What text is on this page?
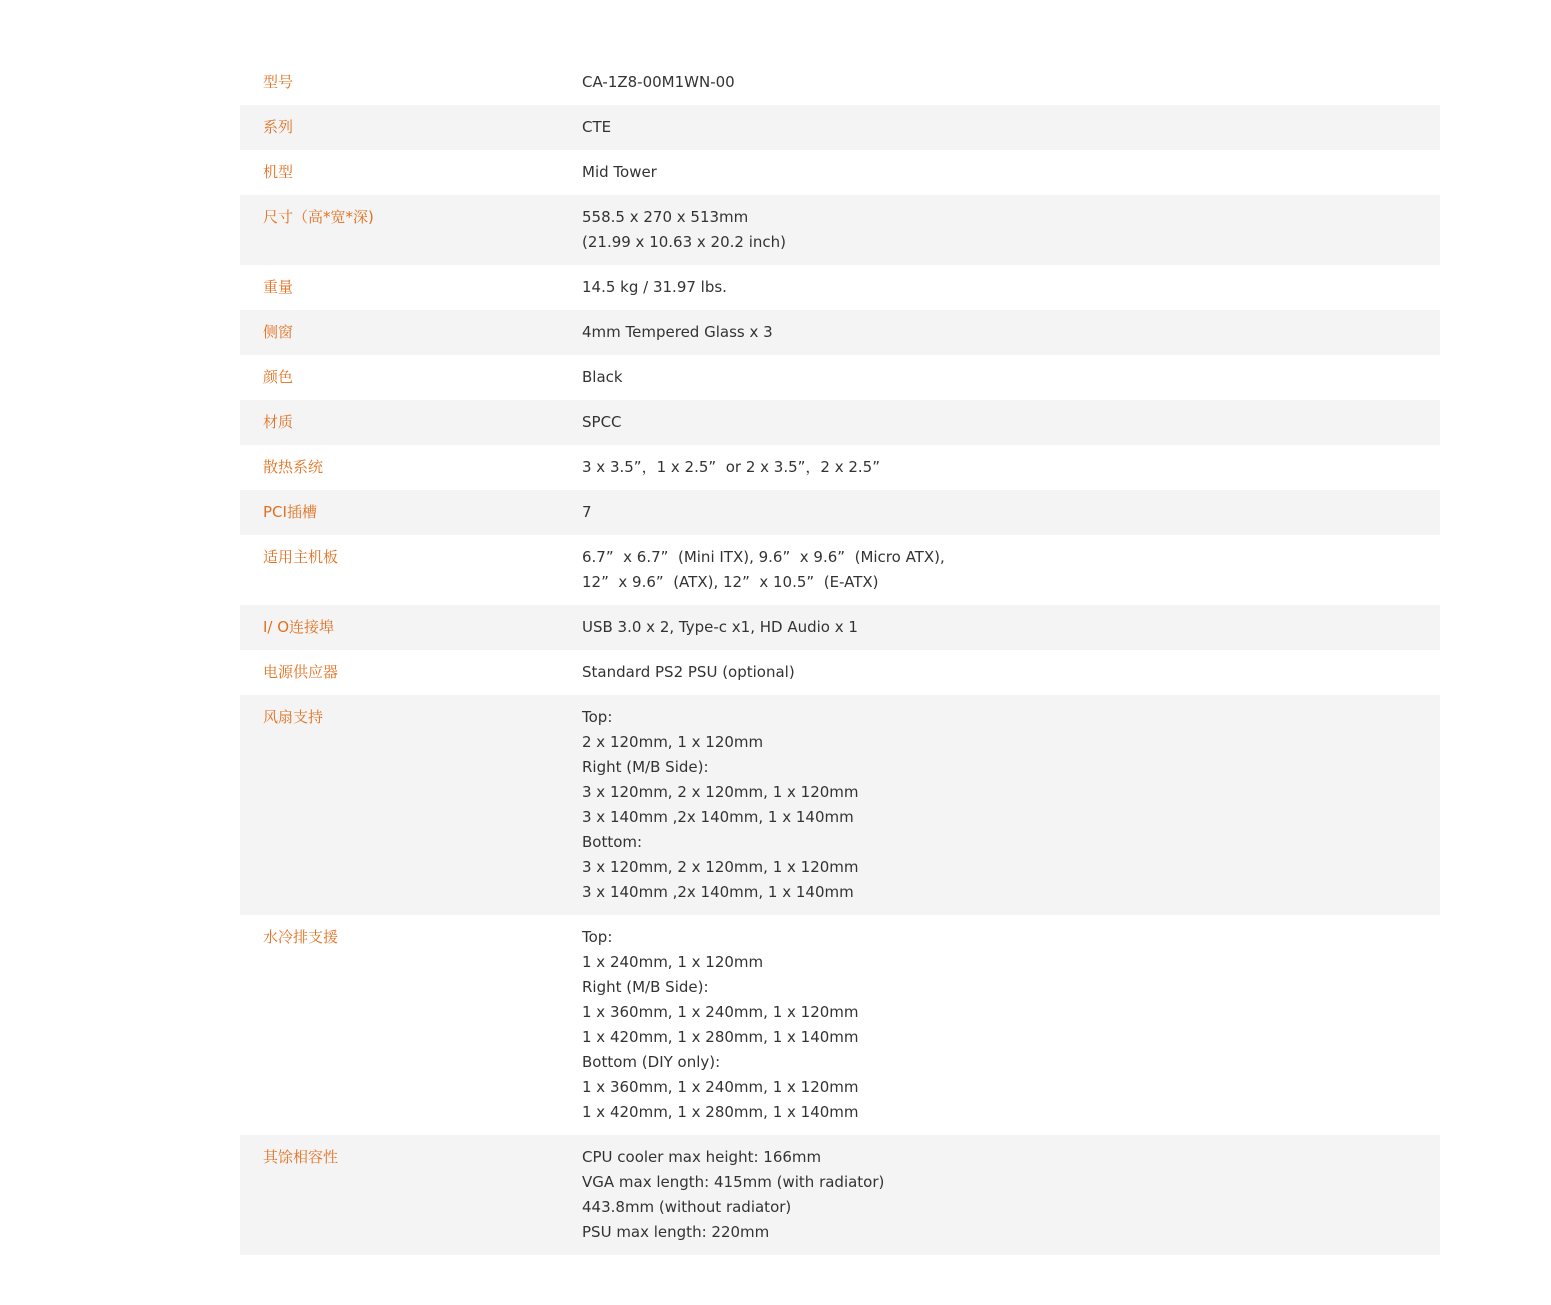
型号	CA-1Z8-00M1WN-00
系列	CTE
机型	Mid Tower
尺寸（高*宽*深)	558.5 x 270 x 513mm
(21.99 x 10.63 x 20.2 inch)
重量	14.5 kg / 31.97 lbs.
侧窗	4mm Tempered Glass x 3
颜色	Black
材质	SPCC
散热系统	3 x 3.5”，1 x 2.5”  or 2 x 3.5”，2 x 2.5”
PCI插槽	7
适用主机板	6.7”  x 6.7”  (Mini ITX), 9.6”  x 9.6”  (Micro ATX),
12”  x 9.6”  (ATX), 12”  x 10.5”  (E-ATX)
I/ O连接埠	USB 3.0 x 2, Type-c x1, HD Audio x 1
电源供应器	Standard PS2 PSU (optional)
风扇支持	Top:
2 x 120mm, 1 x 120mm
Right (M/B Side):
3 x 120mm, 2 x 120mm, 1 x 120mm
3 x 140mm ,2x 140mm, 1 x 140mm
Bottom:
3 x 120mm, 2 x 120mm, 1 x 120mm
3 x 140mm ,2x 140mm, 1 x 140mm
水冷排支援	Top:
1 x 240mm, 1 x 120mm
Right (M/B Side):
1 x 360mm, 1 x 240mm, 1 x 120mm
1 x 420mm, 1 x 280mm, 1 x 140mm
Bottom (DIY only):
1 x 360mm, 1 x 240mm, 1 x 120mm
1 x 420mm, 1 x 280mm, 1 x 140mm
其馀相容性	CPU cooler max height: 166mm
VGA max length: 415mm (with radiator)
443.8mm (without radiator)
PSU max length: 220mm
